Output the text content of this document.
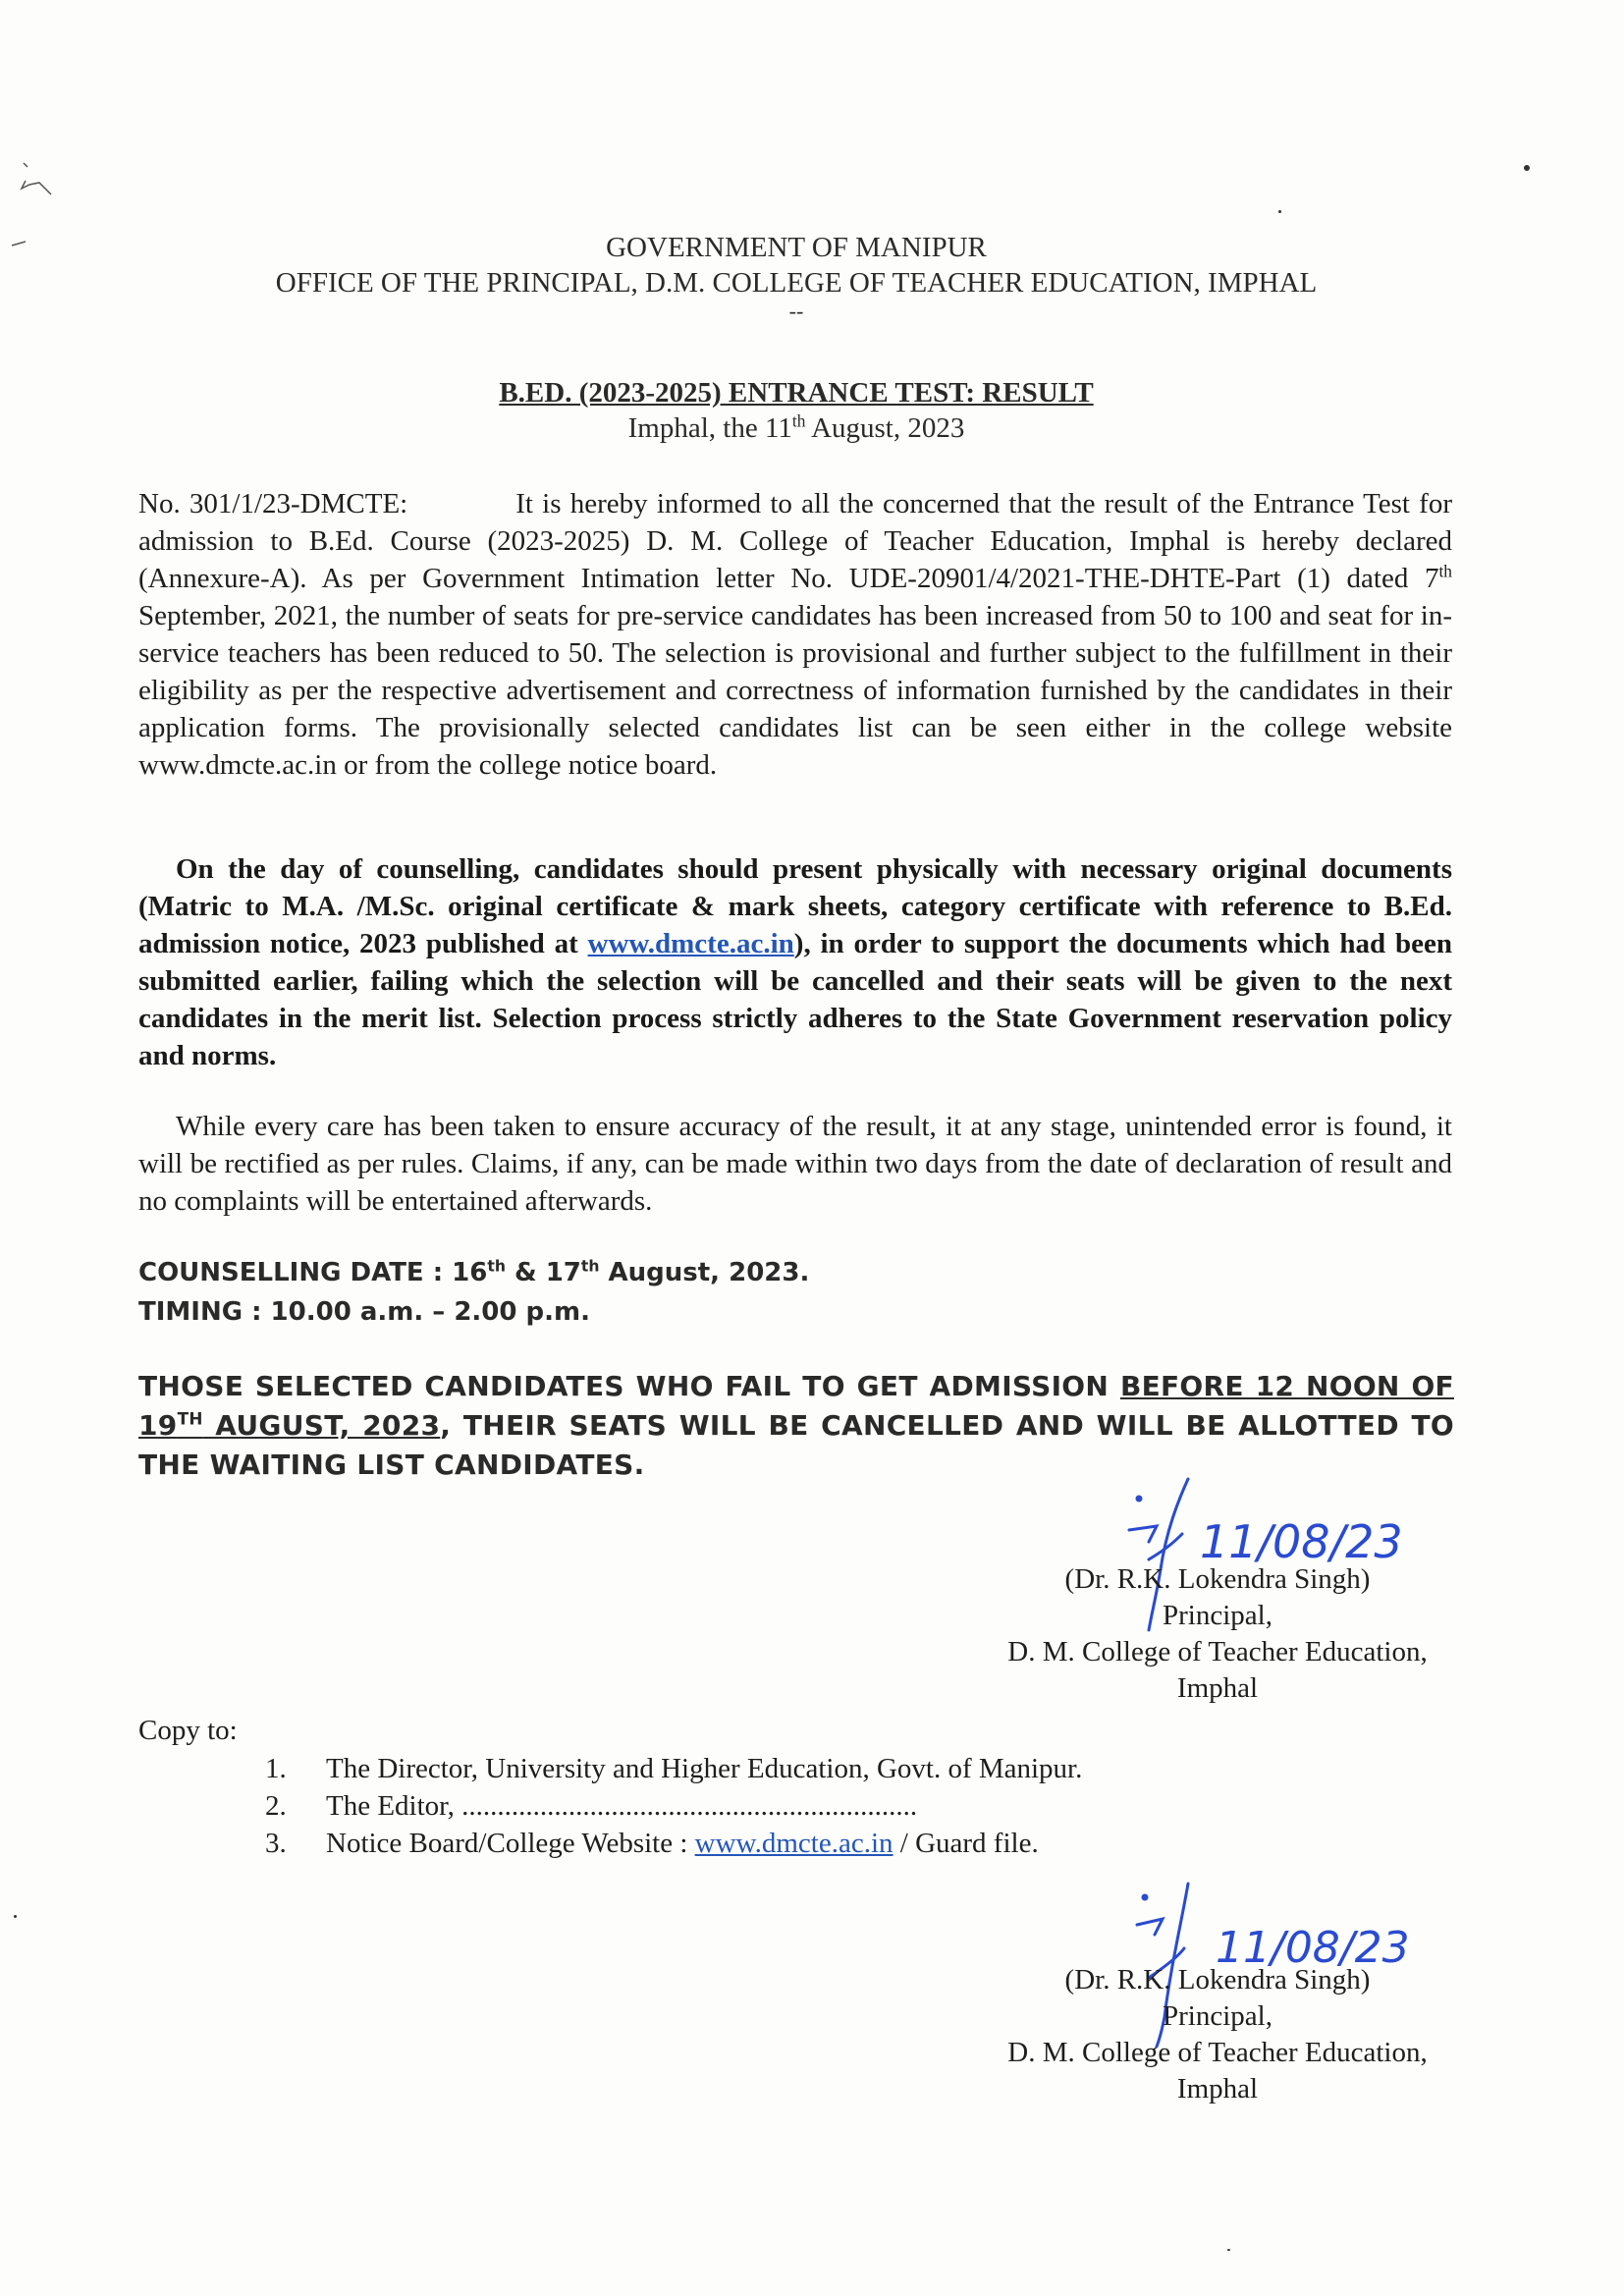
GOVERNMENT OF MANIPUR
OFFICE OF THE PRINCIPAL, D.M. COLLEGE OF TEACHER EDUCATION, IMPHAL
--
B.ED. (2023-2025) ENTRANCE TEST: RESULT
Imphal, the 11th August, 2023

No. 301/1/23-DMCTE:	It is hereby informed to all the concerned that the result of the Entrance Test for admission to B.Ed. Course (2023-2025) D. M. College of Teacher Education, Imphal is hereby declared (Annexure-A). As per Government Intimation letter No. UDE-20901/4/2021-THE-DHTE-Part (1) dated 7th September, 2021, the number of seats for pre-service candidates has been increased from 50 to 100 and seat for in- service teachers has been reduced to 50. The selection is provisional and further subject to the fulfillment in their eligibility as per the respective advertisement and correctness of information furnished by the candidates in their application forms. The provisionally selected candidates list can be seen either in the college website www.dmcte.ac.in or from the college notice board.

On the day of counselling, candidates should present physically with necessary original documents (Matric to M.A. /M.Sc. original certificate & mark sheets, category certificate with reference to B.Ed. admission notice, 2023 published at www.dmcte.ac.in), in order to support the documents which had been submitted earlier, failing which the selection will be cancelled and their seats will be given to the next candidates in the merit list. Selection process strictly adheres to the State Government reservation policy and norms.

While every care has been taken to ensure accuracy of the result, it at any stage, unintended error is found, it will be rectified as per rules. Claims, if any, can be made within two days from the date of declaration of result and no complaints will be entertained afterwards.

COUNSELLING DATE : 16th & 17th August, 2023.
TIMING : 10.00 a.m. – 2.00 p.m.
THOSE SELECTED CANDIDATES WHO FAIL TO GET ADMISSION BEFORE 12 NOON OF 19TH AUGUST, 2023, THEIR SEATS WILL BE CANCELLED AND WILL BE ALLOTTED TO THE WAITING LIST CANDIDATES.
11/08/23
(Dr. R.K. Lokendra Singh)
Principal,
D. M. College of Teacher Education,
Imphal
Copy to:
1. The Director, University and Higher Education, Govt. of Manipur.
2. The Editor, ................................................................
3. Notice Board/College Website : www.dmcte.ac.in / Guard file.
11/08/23
(Dr. R.K. Lokendra Singh)
Principal,
D. M. College of Teacher Education,
Imphal
